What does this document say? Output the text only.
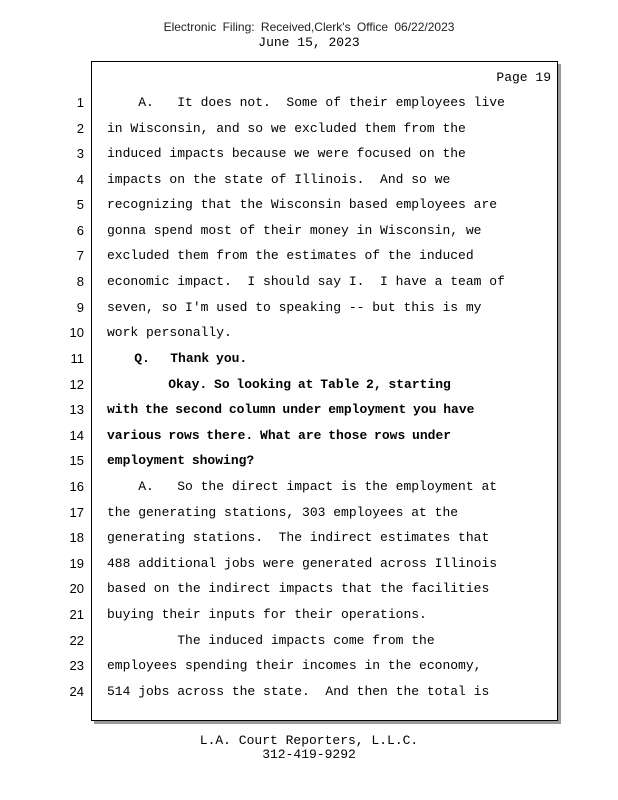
Electronic Filing: Received,Clerk's Office 06/22/2023
June 15, 2023
Page 19
1 A.   It does not.  Some of their employees live
2 in Wisconsin, and so we excluded them from the
3 induced impacts because we were focused on the
4 impacts on the state of Illinois.  And so we
5 recognizing that the Wisconsin based employees are
6 gonna spend most of their money in Wisconsin, we
7 excluded them from the estimates of the induced
8 economic impact.  I should say I.  I have a team of
9 seven, so I'm used to speaking -- but this is my
10 work personally.
11 Q.   Thank you.
12 Okay. So looking at Table 2, starting
13 with the second column under employment you have
14 various rows there. What are those rows under
15 employment showing?
16 A.   So the direct impact is the employment at
17 the generating stations, 303 employees at the
18 generating stations.  The indirect estimates that
19 488 additional jobs were generated across Illinois
20 based on the indirect impacts that the facilities
21 buying their inputs for their operations.
22 The induced impacts come from the
23 employees spending their incomes in the economy,
24 514 jobs across the state.  And then the total is
L.A. Court Reporters, L.L.C.
312-419-9292
